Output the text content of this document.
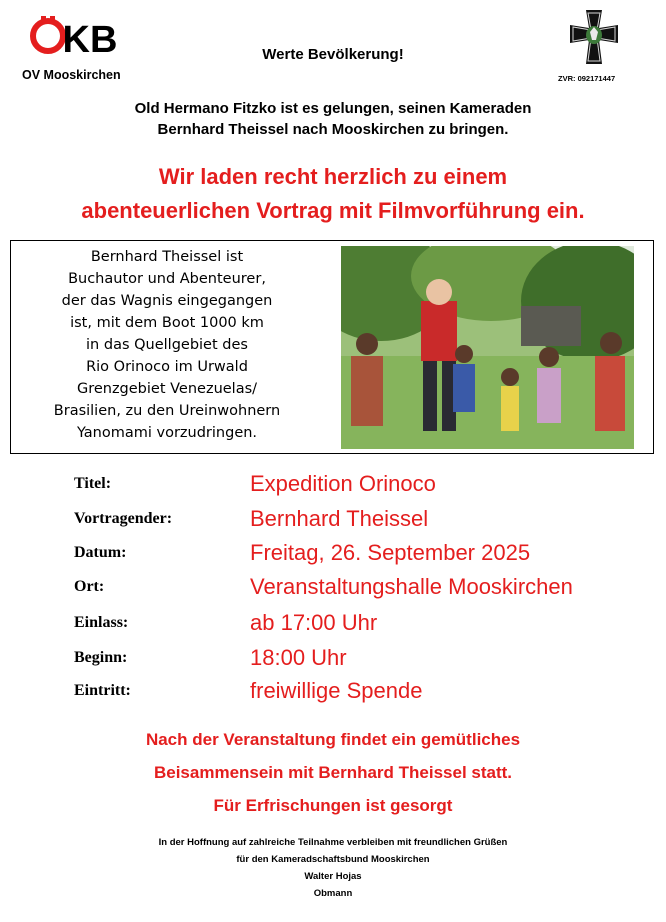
KB
OV Mooskirchen
Werte Bevölkerung!
ZVR: 092171447
Old Hermano Fitzko ist es gelungen, seinen Kameraden
Bernhard Theissel nach Mooskirchen zu bringen.
Wir laden recht herzlich zu einem
abenteuerlichen Vortrag mit Filmvorführung ein.
Bernhard Theissel ist
Buchautor und Abenteurer,
der das Wagnis eingegangen
ist, mit dem Boot 1000 km
in das Quellgebiet des
Rio Orinoco im Urwald
Grenzgebiet Venezuelas/
Brasilien, zu den Ureinwohnern
Yanomami vorzudringen.
Titel:	Expedition Orinoco
Vortragender:	Bernhard Theissel
Datum:	Freitag, 26. September 2025
Ort:	Veranstaltungshalle Mooskirchen
Einlass:	ab 17:00 Uhr
Beginn:	18:00 Uhr
Eintritt:	freiwillige Spende
Nach der Veranstaltung findet ein gemütliches
Beisammensein mit Bernhard Theissel statt.
Für Erfrischungen ist gesorgt
In der Hoffnung auf zahlreiche Teilnahme verbleiben mit freundlichen Grüßen
für den Kameradschaftsbund Mooskirchen
Walter Hojas
Obmann
